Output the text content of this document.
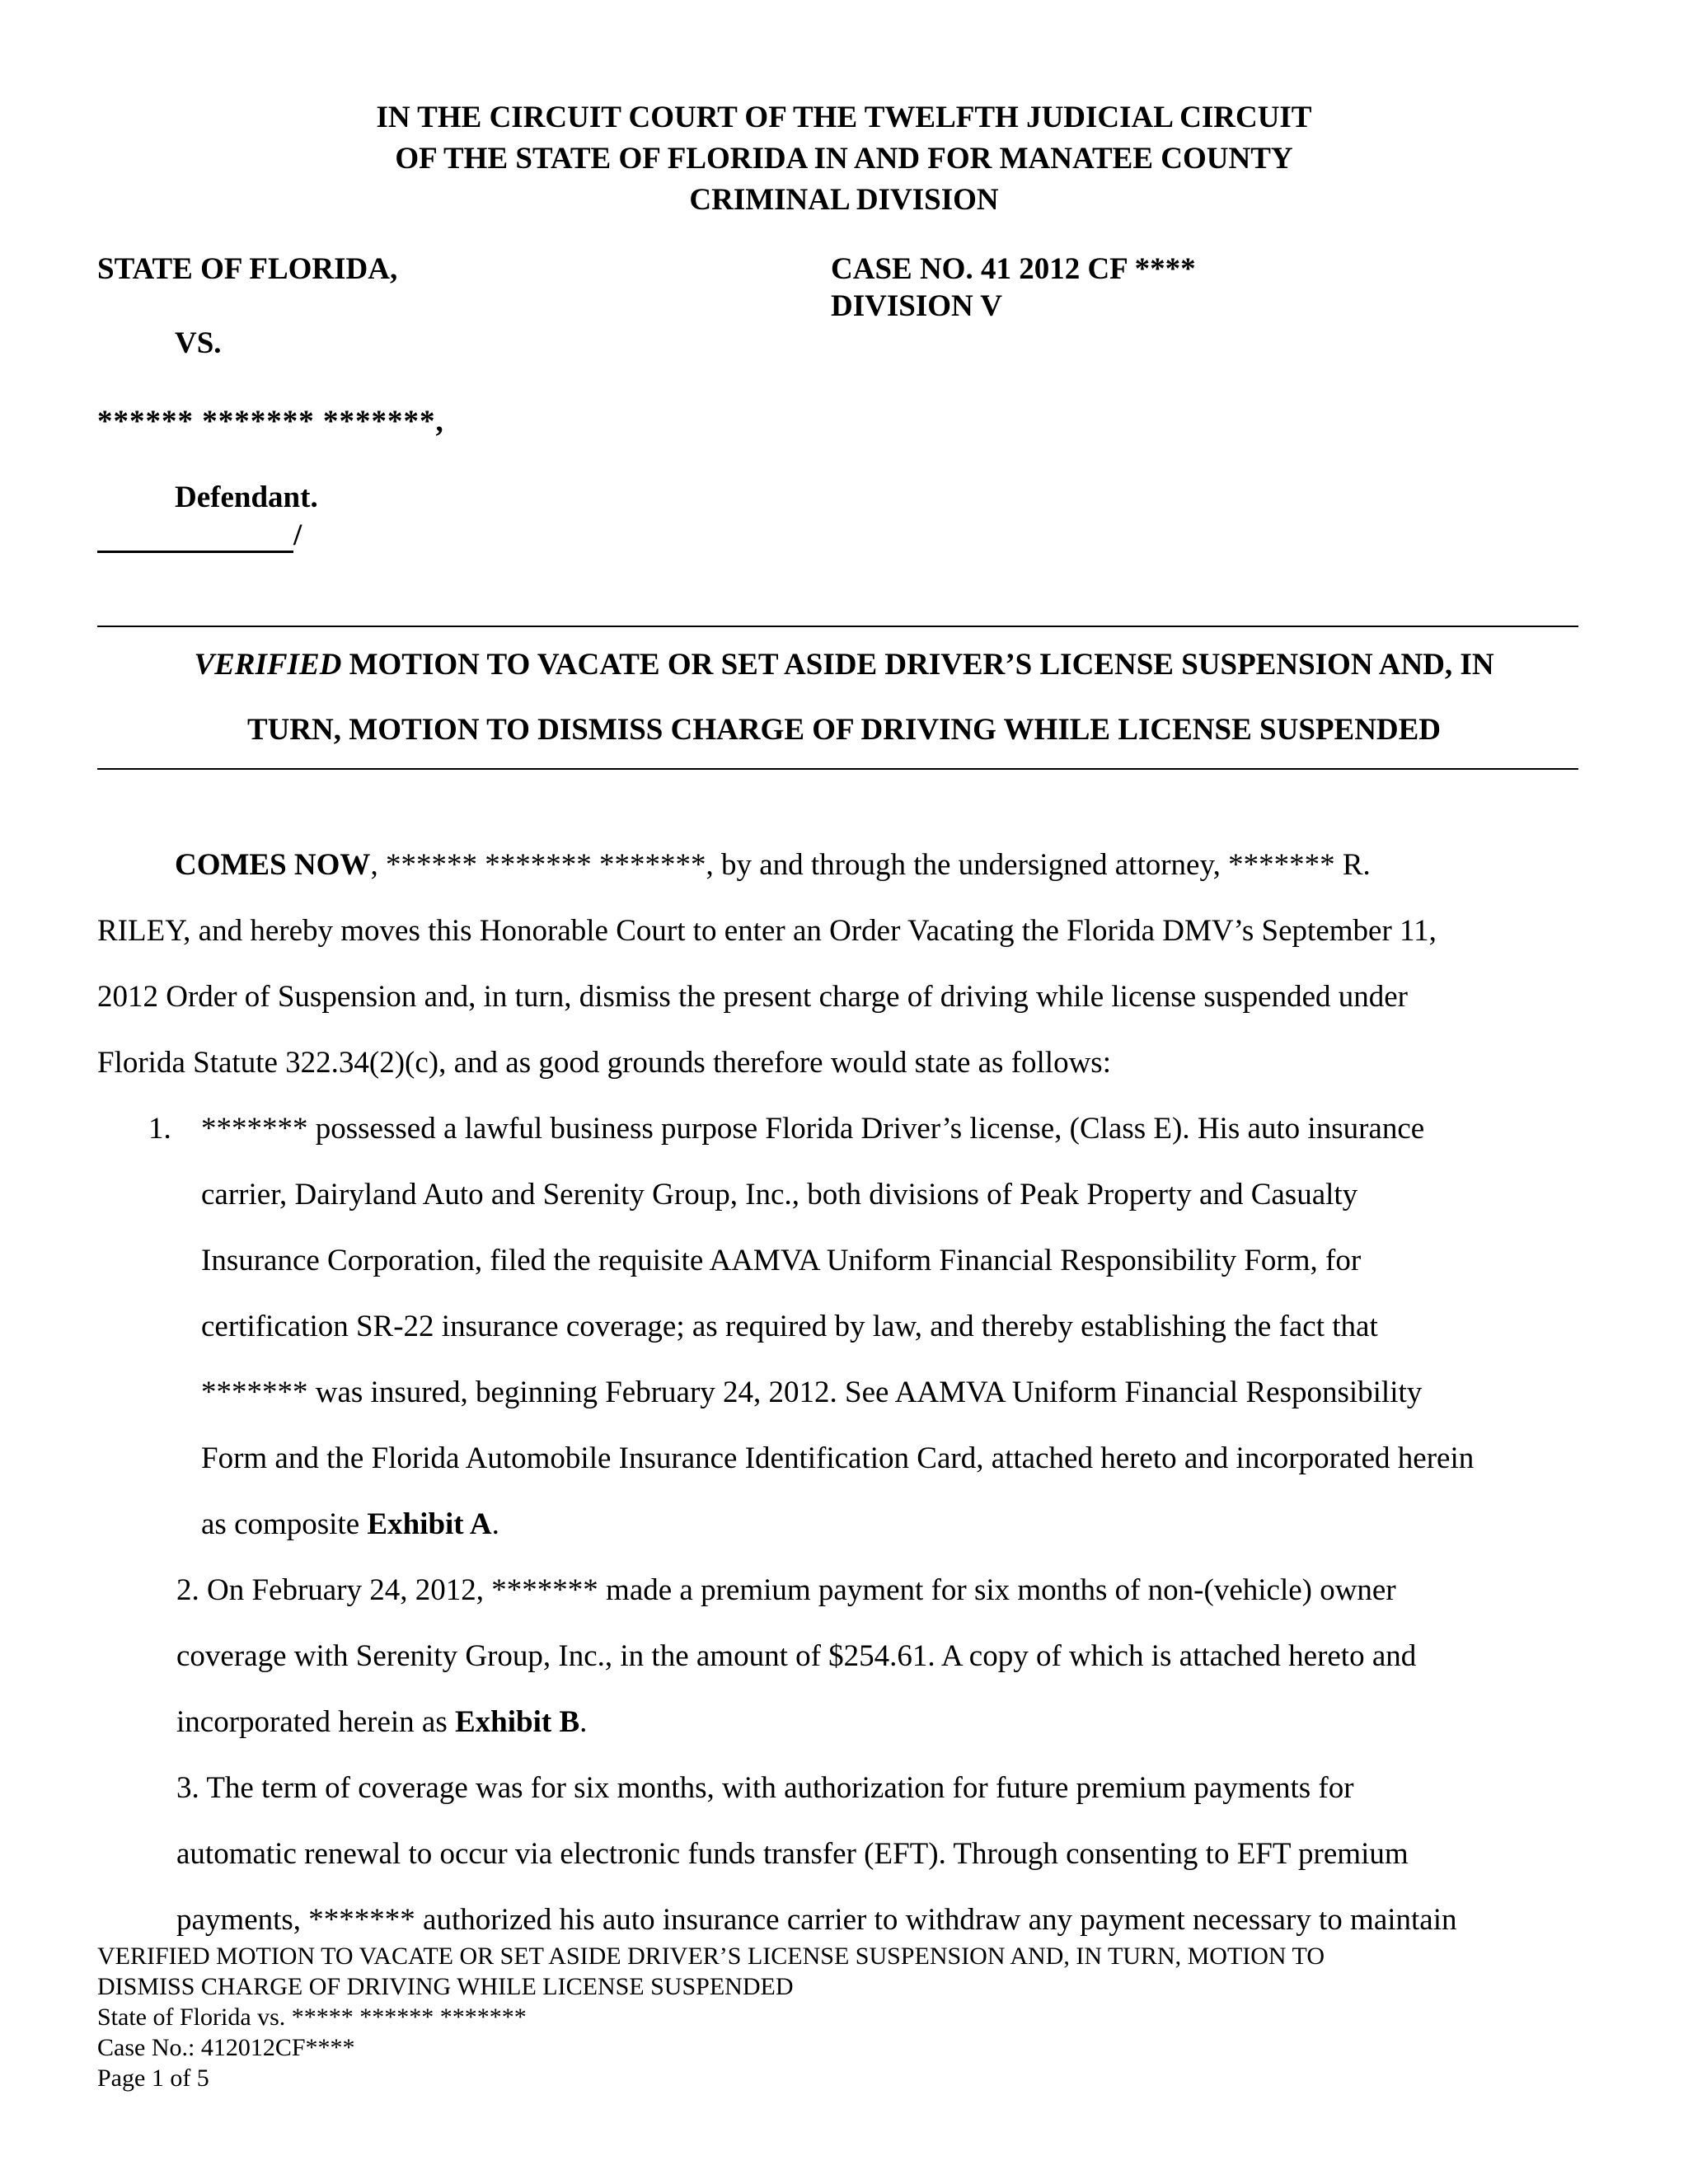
IN THE CIRCUIT COURT OF THE TWELFTH JUDICIAL CIRCUIT
OF THE STATE OF FLORIDA IN AND FOR MANATEE COUNTY
CRIMINAL DIVISION
STATE OF FLORIDA,
VS.
****** ******* *******,
Defendant.
/
CASE NO. 41 2012 CF ****
DIVISION V
VERIFIED MOTION TO VACATE OR SET ASIDE DRIVER’S LICENSE SUSPENSION AND, IN
TURN, MOTION TO DISMISS CHARGE OF DRIVING WHILE LICENSE SUSPENDED
COMES NOW, ****** ******* *******, by and through the undersigned attorney, ******* R.
RILEY, and hereby moves this Honorable Court to enter an Order Vacating the Florida DMV’s September 11,
2012 Order of Suspension and, in turn, dismiss the present charge of driving while license suspended under
Florida Statute 322.34(2)(c), and as good grounds therefore would state as follows:
1. ******* possessed a lawful business purpose Florida Driver’s license, (Class E). His auto insurance
carrier, Dairyland Auto and Serenity Group, Inc., both divisions of Peak Property and Casualty
Insurance Corporation, filed the requisite AAMVA Uniform Financial Responsibility Form, for
certification SR-22 insurance coverage; as required by law, and thereby establishing the fact that
******* was insured, beginning February 24, 2012. See AAMVA Uniform Financial Responsibility
Form and the Florida Automobile Insurance Identification Card, attached hereto and incorporated herein
as composite Exhibit A.
2. On February 24, 2012, ******* made a premium payment for six months of non-(vehicle) owner
coverage with Serenity Group, Inc., in the amount of $254.61. A copy of which is attached hereto and
incorporated herein as Exhibit B.
3. The term of coverage was for six months, with authorization for future premium payments for
automatic renewal to occur via electronic funds transfer (EFT). Through consenting to EFT premium
payments, ******* authorized his auto insurance carrier to withdraw any payment necessary to maintain
VERIFIED MOTION TO VACATE OR SET ASIDE DRIVER’S LICENSE SUSPENSION AND, IN TURN, MOTION TO
DISMISS CHARGE OF DRIVING WHILE LICENSE SUSPENDED
State of Florida vs. ***** ****** *******
Case No.: 412012CF****
Page 1 of 5
